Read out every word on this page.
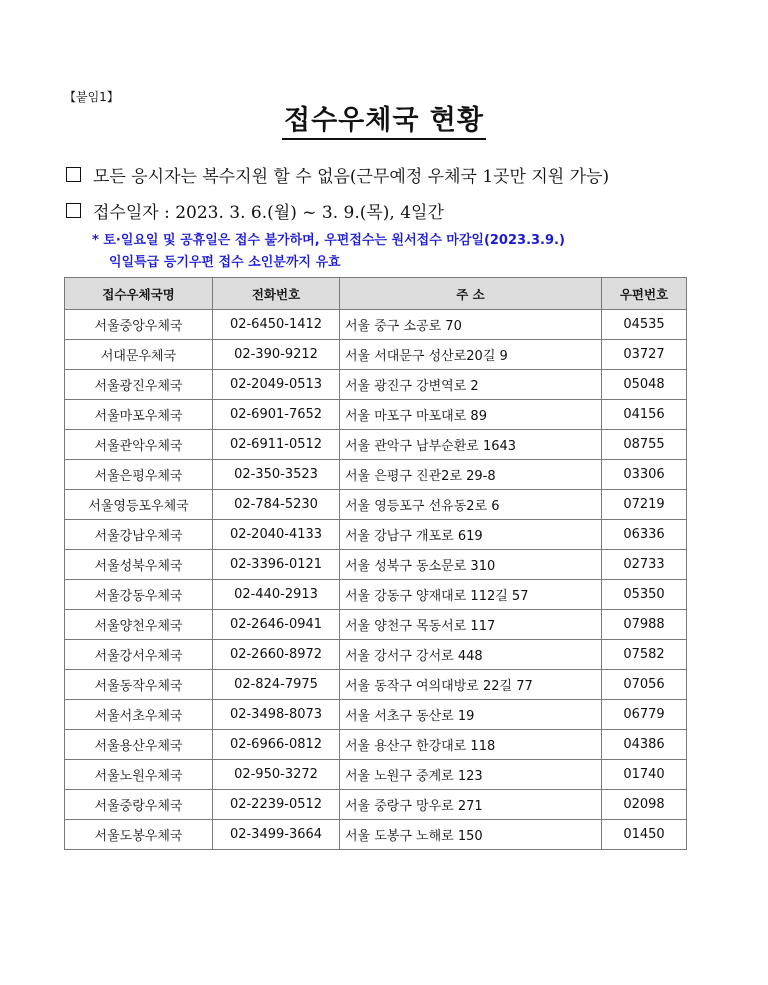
【붙임1】
접수우체국 현황
모든 응시자는 복수지원 할 수 없음(근무예정 우체국 1곳만 지원 가능)
접수일자 : 2023. 3. 6.(월) ~ 3. 9.(목), 4일간
* 토·일요일 및 공휴일은 접수 불가하며, 우편접수는 원서접수 마감일(2023.3.9.)
익일특급 등기우편 접수 소인분까지 유효
접수우체국명	전화번호	주 소	우편번호
서울중앙우체국	02-6450-1412	서울 중구 소공로 70	04535
서대문우체국	02-390-9212	서울 서대문구 성산로20길 9	03727
서울광진우체국	02-2049-0513	서울 광진구 강변역로 2	05048
서울마포우체국	02-6901-7652	서울 마포구 마포대로 89	04156
서울관악우체국	02-6911-0512	서울 관악구 남부순환로 1643	08755
서울은평우체국	02-350-3523	서울 은평구 진관2로 29-8	03306
서울영등포우체국	02-784-5230	서울 영등포구 선유동2로 6	07219
서울강남우체국	02-2040-4133	서울 강남구 개포로 619	06336
서울성북우체국	02-3396-0121	서울 성북구 동소문로 310	02733
서울강동우체국	02-440-2913	서울 강동구 양재대로 112길 57	05350
서울양천우체국	02-2646-0941	서울 양천구 목동서로 117	07988
서울강서우체국	02-2660-8972	서울 강서구 강서로 448	07582
서울동작우체국	02-824-7975	서울 동작구 여의대방로 22길 77	07056
서울서초우체국	02-3498-8073	서울 서초구 동산로 19	06779
서울용산우체국	02-6966-0812	서울 용산구 한강대로 118	04386
서울노원우체국	02-950-3272	서울 노원구 중계로 123	01740
서울중랑우체국	02-2239-0512	서울 중랑구 망우로 271	02098
서울도봉우체국	02-3499-3664	서울 도봉구 노해로 150	01450
